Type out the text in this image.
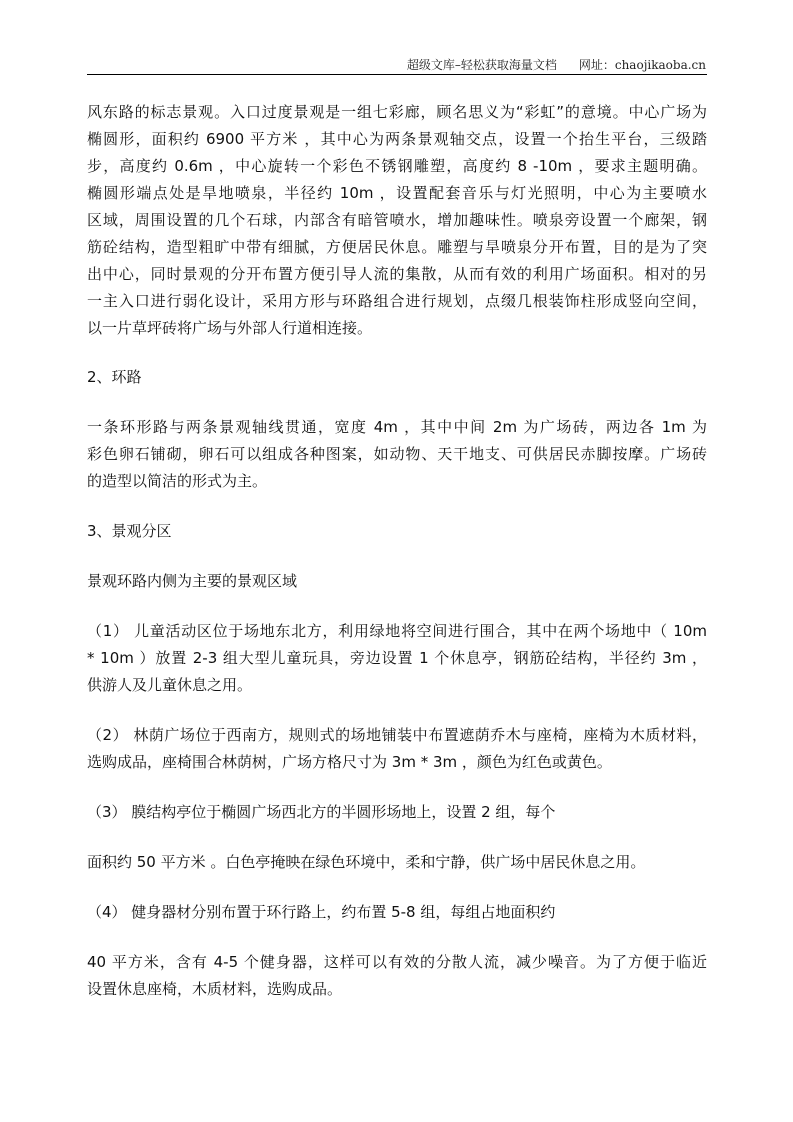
超级文库–轻松获取海量文档 网址：chaojikaoba.cn
风东路的标志景观。入口过度景观是一组七彩廊，顾名思义为“彩虹”的意境。中心广场为
椭圆形，面积约 6900 平方米 ，其中心为两条景观轴交点，设置一个抬生平台，三级踏
步，高度约 0.6m ，中心旋转一个彩色不锈钢雕塑，高度约 8 -10m ，要求主题明确。
椭圆形端点处是旱地喷泉，半径约 10m ，设置配套音乐与灯光照明，中心为主要喷水
区域，周围设置的几个石球，内部含有暗管喷水，增加趣味性。喷泉旁设置一个廊架，钢
筋砼结构，造型粗旷中带有细腻，方便居民休息。雕塑与旱喷泉分开布置，目的是为了突
出中心，同时景观的分开布置方便引导人流的集散，从而有效的利用广场面积。相对的另
一主入口进行弱化设计，采用方形与环路组合进行规划，点缀几根装饰柱形成竖向空间，
以一片草坪砖将广场与外部人行道相连接。
2、环路
一条环形路与两条景观轴线贯通，宽度 4m ，其中中间 2m 为广场砖，两边各 1m 为
彩色卵石铺砌，卵石可以组成各种图案，如动物、天干地支、可供居民赤脚按摩。广场砖
的造型以简洁的形式为主。
3、景观分区
景观环路内侧为主要的景观区域
（1） 儿童活动区位于场地东北方，利用绿地将空间进行围合，其中在两个场地中（ 10m
* 10m ）放置 2-3 组大型儿童玩具，旁边设置 1 个休息亭，钢筋砼结构，半径约 3m ，
供游人及儿童休息之用。
（2） 林荫广场位于西南方，规则式的场地铺装中布置遮荫乔木与座椅，座椅为木质材料，
选购成品，座椅围合林荫树，广场方格尺寸为 3m * 3m ，颜色为红色或黄色。
（3） 膜结构亭位于椭圆广场西北方的半圆形场地上，设置 2 组，每个
面积约 50 平方米 。白色亭掩映在绿色环境中，柔和宁静，供广场中居民休息之用。
（4） 健身器材分别布置于环行路上，约布置 5-8 组，每组占地面积约
40 平方米，含有 4-5 个健身器，这样可以有效的分散人流，减少噪音。为了方便于临近
设置休息座椅，木质材料，选购成品。
